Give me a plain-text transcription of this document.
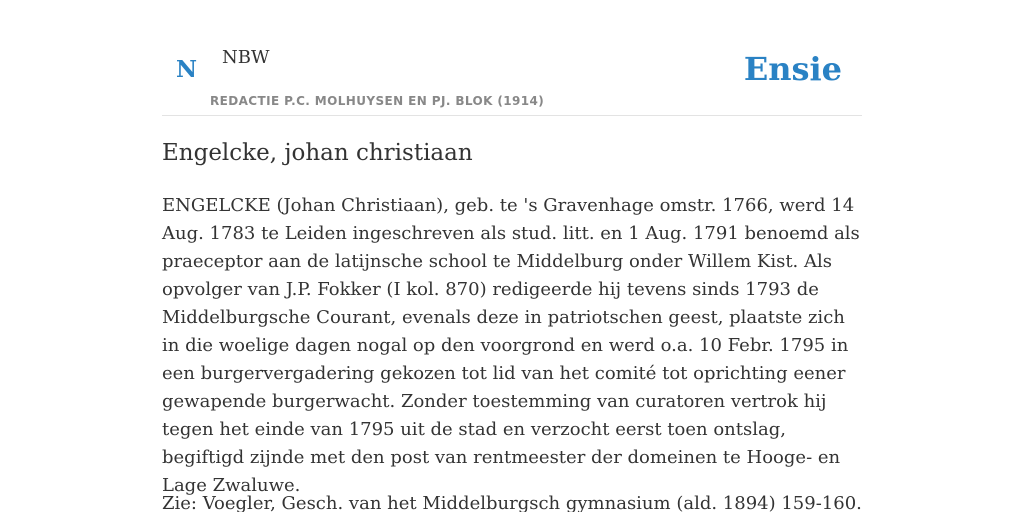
N NBW
REDACTIE P.C. MOLHUYSEN EN PJ. BLOK (1914)
Ensie
Engelcke, johan christiaan

ENGELCKE (Johan Christiaan), geb. te 's Gravenhage omstr. 1766, werd 14 Aug. 1783 te Leiden ingeschreven als stud. litt. en 1 Aug. 1791 benoemd als praeceptor aan de latijnsche school te Middelburg onder Willem Kist. Als opvolger van J.P. Fokker (I kol. 870) redigeerde hij tevens sinds 1793 de Middelburgsche Courant, evenals deze in patriotschen geest, plaatste zich in die woelige dagen nogal op den voorgrond en werd o.a. 10 Febr. 1795 in een burgervergadering gekozen tot lid van het comité tot oprichting eener gewapende burgerwacht. Zonder toestemming van curatoren vertrok hij tegen het einde van 1795 uit de stad en verzocht eerst toen ontslag, begiftigd zijnde met den post van rentmeester der domeinen te Hooge- en Lage Zwaluwe.

Zie: Voegler, Gesch. van het Middelburgsch gymnasium (ald. 1894) 159-160.
